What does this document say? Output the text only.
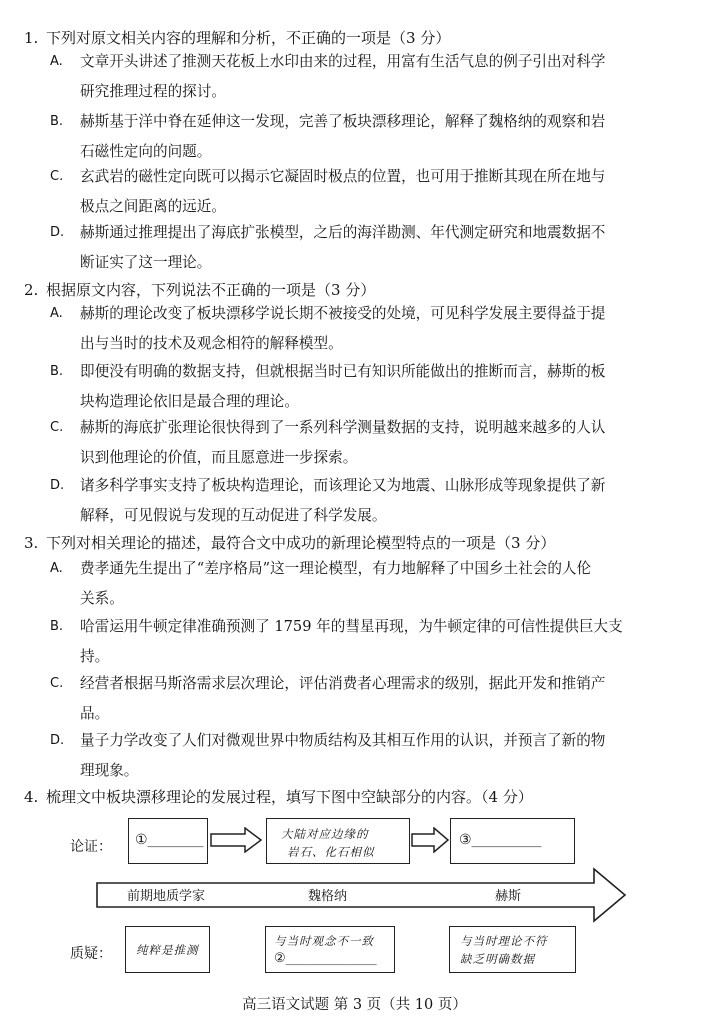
1. 下列对原文相关内容的理解和分析，不正确的一项是（3 分）
A.	文章开头讲述了推测天花板上水印由来的过程，用富有生活气息的例子引出对科学
研究推理过程的探讨。
B.	赫斯基于洋中脊在延伸这一发现，完善了板块漂移理论，解释了魏格纳的观察和岩
石磁性定向的问题。
C.	玄武岩的磁性定向既可以揭示它凝固时极点的位置，也可用于推断其现在所在地与
极点之间距离的远近。
D.	赫斯通过推理提出了海底扩张模型，之后的海洋勘测、年代测定研究和地震数据不
断证实了这一理论。
2. 根据原文内容，下列说法不正确的一项是（3 分）
A.	赫斯的理论改变了板块漂移学说长期不被接受的处境，可见科学发展主要得益于提
出与当时的技术及观念相符的解释模型。
B.	即便没有明确的数据支持，但就根据当时已有知识所能做出的推断而言，赫斯的板
块构造理论依旧是最合理的理论。
C.	赫斯的海底扩张理论很快得到了一系列科学测量数据的支持，说明越来越多的人认
识到他理论的价值，而且愿意进一步探索。
D.	诸多科学事实支持了板块构造理论，而该理论又为地震、山脉形成等现象提供了新
解释，可见假说与发现的互动促进了科学发展。
3. 下列对相关理论的描述，最符合文中成功的新理论模型特点的一项是（3 分）
A.	费孝通先生提出了“差序格局”这一理论模型，有力地解释了中国乡土社会的人伦
关系。
B.	哈雷运用牛顿定律准确预测了 1759 年的彗星再现，为牛顿定律的可信性提供巨大支
持。
C.	经营者根据马斯洛需求层次理论，评估消费者心理需求的级别，据此开发和推销产
品。
D.	量子力学改变了人们对微观世界中物质结构及其相互作用的认识，并预言了新的物
理现象。
4. 梳理文中板块漂移理论的发展过程，填写下图中空缺部分的内容。（4 分）
论证： ①________	大陆对应边缘的
岩石、化石相似
③__________
前期地质学家	魏格纳	赫斯
质疑： 纯粹是推测
与当时观念不一致
②______________
与当时理论不符
缺乏明确数据
高三语文试题 第 3 页（共 10 页）
